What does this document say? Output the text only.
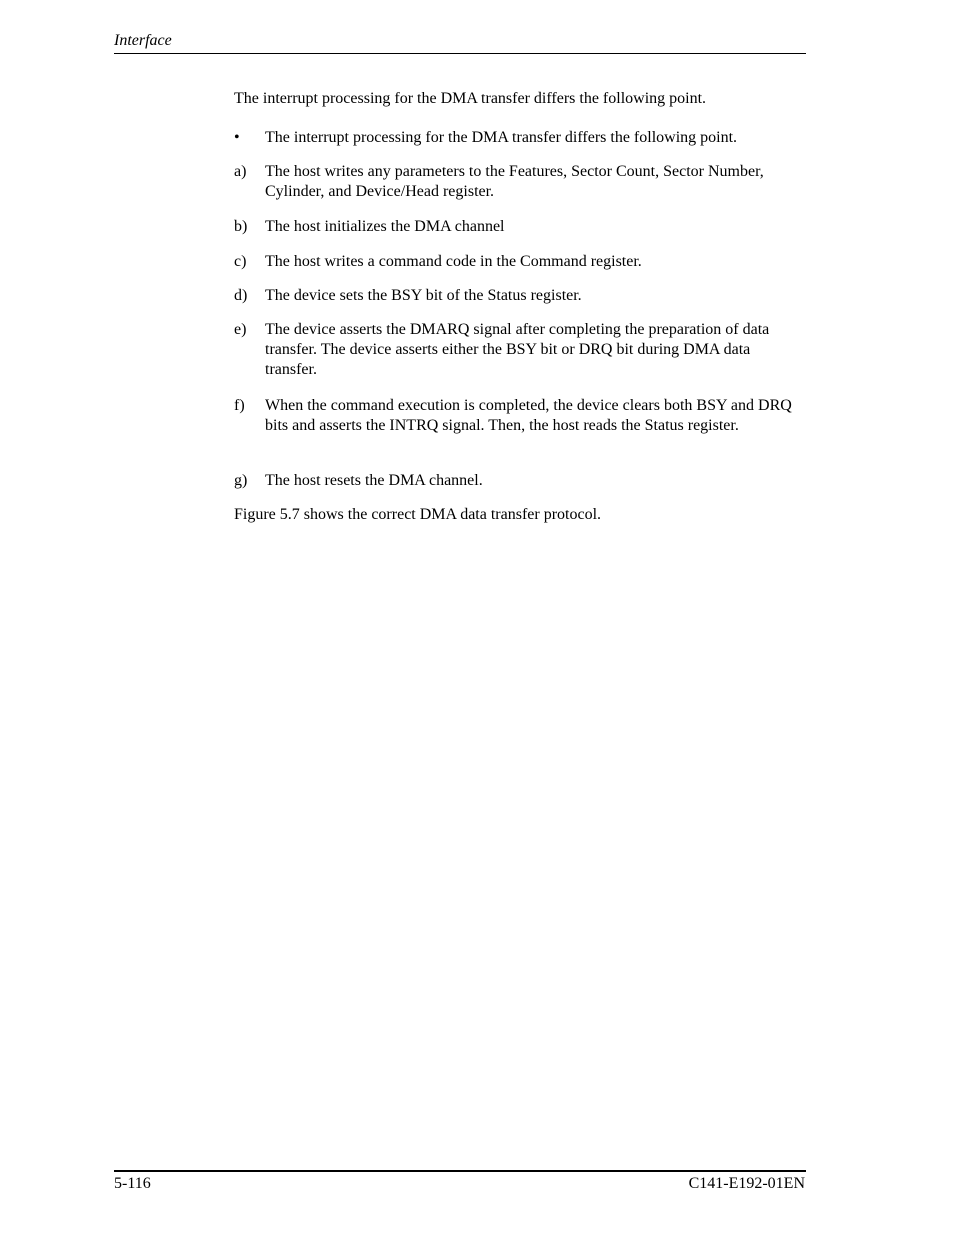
Interface
The interrupt processing for the DMA transfer differs the following point.
•	The interrupt processing for the DMA transfer differs the following point.
a)	The host writes any parameters to the Features, Sector Count, Sector Number, Cylinder, and Device/Head register.
b)	The host initializes the DMA channel
c)	The host writes a command code in the Command register.
d)	The device sets the BSY bit of the Status register.
e)	The device asserts the DMARQ signal after completing the preparation of data transfer. The device asserts either the BSY bit or DRQ bit during DMA data transfer.
f)	When the command execution is completed, the device clears both BSY and DRQ bits and asserts the INTRQ signal. Then, the host reads the Status register.
g)	The host resets the DMA channel.
Figure 5.7 shows the correct DMA data transfer protocol.
5-116	C141-E192-01EN
